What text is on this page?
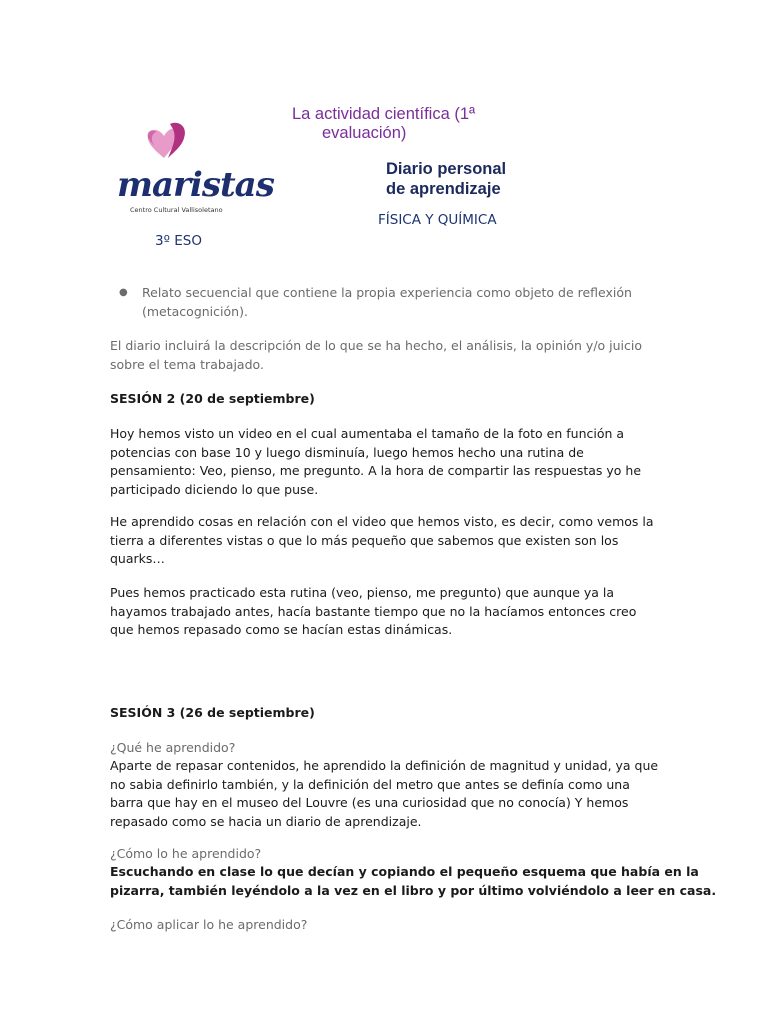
La actividad científica (1ª
evaluación)
Diario personal
de aprendizaje
FÍSICA Y QUÍMICA
3º ESO
maristas
Centro Cultural Vallisoletano
● Relato secuencial que contiene la propia experiencia como objeto de reflexión
(metacognición).
El diario incluirá la descripción de lo que se ha hecho, el análisis, la opinión y/o juicio
sobre el tema trabajado.
SESIÓN 2 (20 de septiembre)
Hoy hemos visto un video en el cual aumentaba el tamaño de la foto en función a
potencias con base 10 y luego disminuía, luego hemos hecho una rutina de
pensamiento: Veo, pienso, me pregunto. A la hora de compartir las respuestas yo he
participado diciendo lo que puse.
He aprendido cosas en relación con el video que hemos visto, es decir, como vemos la
tierra a diferentes vistas o que lo más pequeño que sabemos que existen son los
quarks…
Pues hemos practicado esta rutina (veo, pienso, me pregunto) que aunque ya la
hayamos trabajado antes, hacía bastante tiempo que no la hacíamos entonces creo
que hemos repasado como se hacían estas dinámicas.
SESIÓN 3 (26 de septiembre)
¿Qué he aprendido?
Aparte de repasar contenidos, he aprendido la definición de magnitud y unidad, ya que
no sabia definirlo también, y la definición del metro que antes se definía como una
barra que hay en el museo del Louvre (es una curiosidad que no conocía) Y hemos
repasado como se hacia un diario de aprendizaje.
¿Cómo lo he aprendido?
Escuchando en clase lo que decían y copiando el pequeño esquema que había en la
pizarra, también leyéndolo a la vez en el libro y por último volviéndolo a leer en casa.
¿Cómo aplicar lo he aprendido?
